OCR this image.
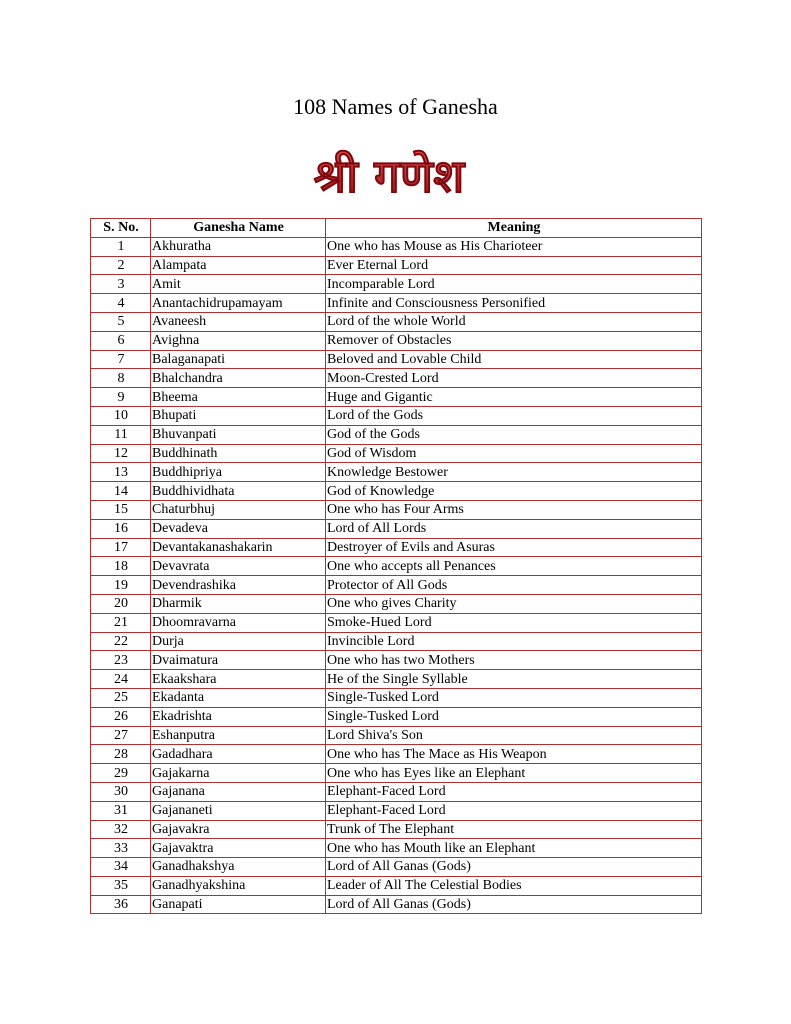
108 Names of Ganesha
श्री गणेश
S. No.	Ganesha Name	Meaning
1	Akhuratha	One who has Mouse as His Charioteer
2	Alampata	Ever Eternal Lord
3	Amit	Incomparable Lord
4	Anantachidrupamayam	Infinite and Consciousness Personified
5	Avaneesh	Lord of the whole World
6	Avighna	Remover of Obstacles
7	Balaganapati	Beloved and Lovable Child
8	Bhalchandra	Moon-Crested Lord
9	Bheema	Huge and Gigantic
10	Bhupati	Lord of the Gods
11	Bhuvanpati	God of the Gods
12	Buddhinath	God of Wisdom
13	Buddhipriya	Knowledge Bestower
14	Buddhividhata	God of Knowledge
15	Chaturbhuj	One who has Four Arms
16	Devadeva	Lord of All Lords
17	Devantakanashakarin	Destroyer of Evils and Asuras
18	Devavrata	One who accepts all Penances
19	Devendrashika	Protector of All Gods
20	Dharmik	One who gives Charity
21	Dhoomravarna	Smoke-Hued Lord
22	Durja	Invincible Lord
23	Dvaimatura	One who has two Mothers
24	Ekaakshara	He of the Single Syllable
25	Ekadanta	Single-Tusked Lord
26	Ekadrishta	Single-Tusked Lord
27	Eshanputra	Lord Shiva's Son
28	Gadadhara	One who has The Mace as His Weapon
29	Gajakarna	One who has Eyes like an Elephant
30	Gajanana	Elephant-Faced Lord
31	Gajananeti	Elephant-Faced Lord
32	Gajavakra	Trunk of The Elephant
33	Gajavaktra	One who has Mouth like an Elephant
34	Ganadhakshya	Lord of All Ganas (Gods)
35	Ganadhyakshina	Leader of All The Celestial Bodies
36	Ganapati	Lord of All Ganas (Gods)
